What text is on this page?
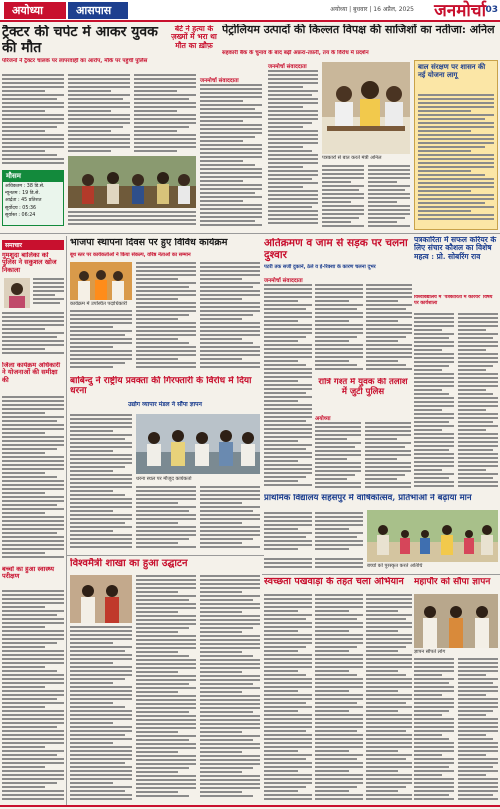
अयोध्या	आसपास	अयोध्या | बुधवार | 16 अप्रैल, 2025 जनमोर्चा 03
ट्रैक्टर की चपेट में आकर युवक की मौत
परिजनों ने ट्रैक्टर चालक पर लापरवाही का आरोप, मौके पर पहुंची पुलिस
मौसम
अधिकतम : 38 डि.से.
न्यूनतम : 19 डि.से.
आर्द्रता : 45 प्रतिशत
सूर्योदय : 05:36
सूर्यास्त : 06:24
बेटे ने हत्या के ज़ख्मों में भरा था मौत का ख़ौफ़
जनमोर्चा संवाददाता
पेट्रोलियम उत्पादों की किल्लत विपक्ष की साजिशों का नतीजा: अनिल
सहकारी बैंक के चुनाव के बाद बढ़ी अफ़रा-तफ़री, तय के विरोध में प्रदर्शन
जनमोर्चा संवाददाता
पत्रकारों से बात करते मंत्री अनिल
बाल संरक्षण पर शासन की नई योजना लागू
समाचार
गुमशुदा बालिका को पुलिस ने सकुशल खोज निकाला
जिला कार्यक्रम अधिकारी ने योजनाओं की समीक्षा की
बच्चों का हुआ स्वास्थ्य परीक्षण
भाजपा स्थापना दिवस पर हुए विविध कार्यक्रम
बूथ स्तर पर कार्यकर्ताओं ने किया संकल्प, वरिष्ठ नेताओं का सम्मान
कार्यक्रम में उपस्थित पदाधिकारी
अतिक्रमण व जाम से सड़क पर चलना दुश्वार
पटरी तक सजी दुकानें, ठेले व ई-रिक्शा के कारण चलना दूभर
जनमोर्चा संवाददाता
रात्रि गश्त में युवक की तलाश में जुटी पुलिस
अयोध्या
पत्रकारिता में सफल करियर के लिए संचार कौशल का विशेष महत्व : प्रो. सोबरिंग राव
विश्वविद्यालय में 'पत्रकारिता में करियर' विषय पर कार्यशाला
बाबिन्दु ने राष्ट्रीय प्रवक्ता की गिरफ्तारी के विरोध में दिया धरना
उद्योग व्यापार मंडल ने सौंपा ज्ञापन
धरना स्थल पर मौजूद कार्यकर्ता
प्राथमिक विद्यालय सहसपुर में वार्षिकोत्सव, प्रतिभाओं ने बढ़ाया मान
बच्चों को पुरस्कृत करते अतिथि
विश्वमैत्री शाखा का हुआ उद्घाटन
स्वच्छता पखवाड़ा के तहत चला अभियान	महापौर को सौंपा ज्ञापन
ज्ञापन सौंपते लोग
